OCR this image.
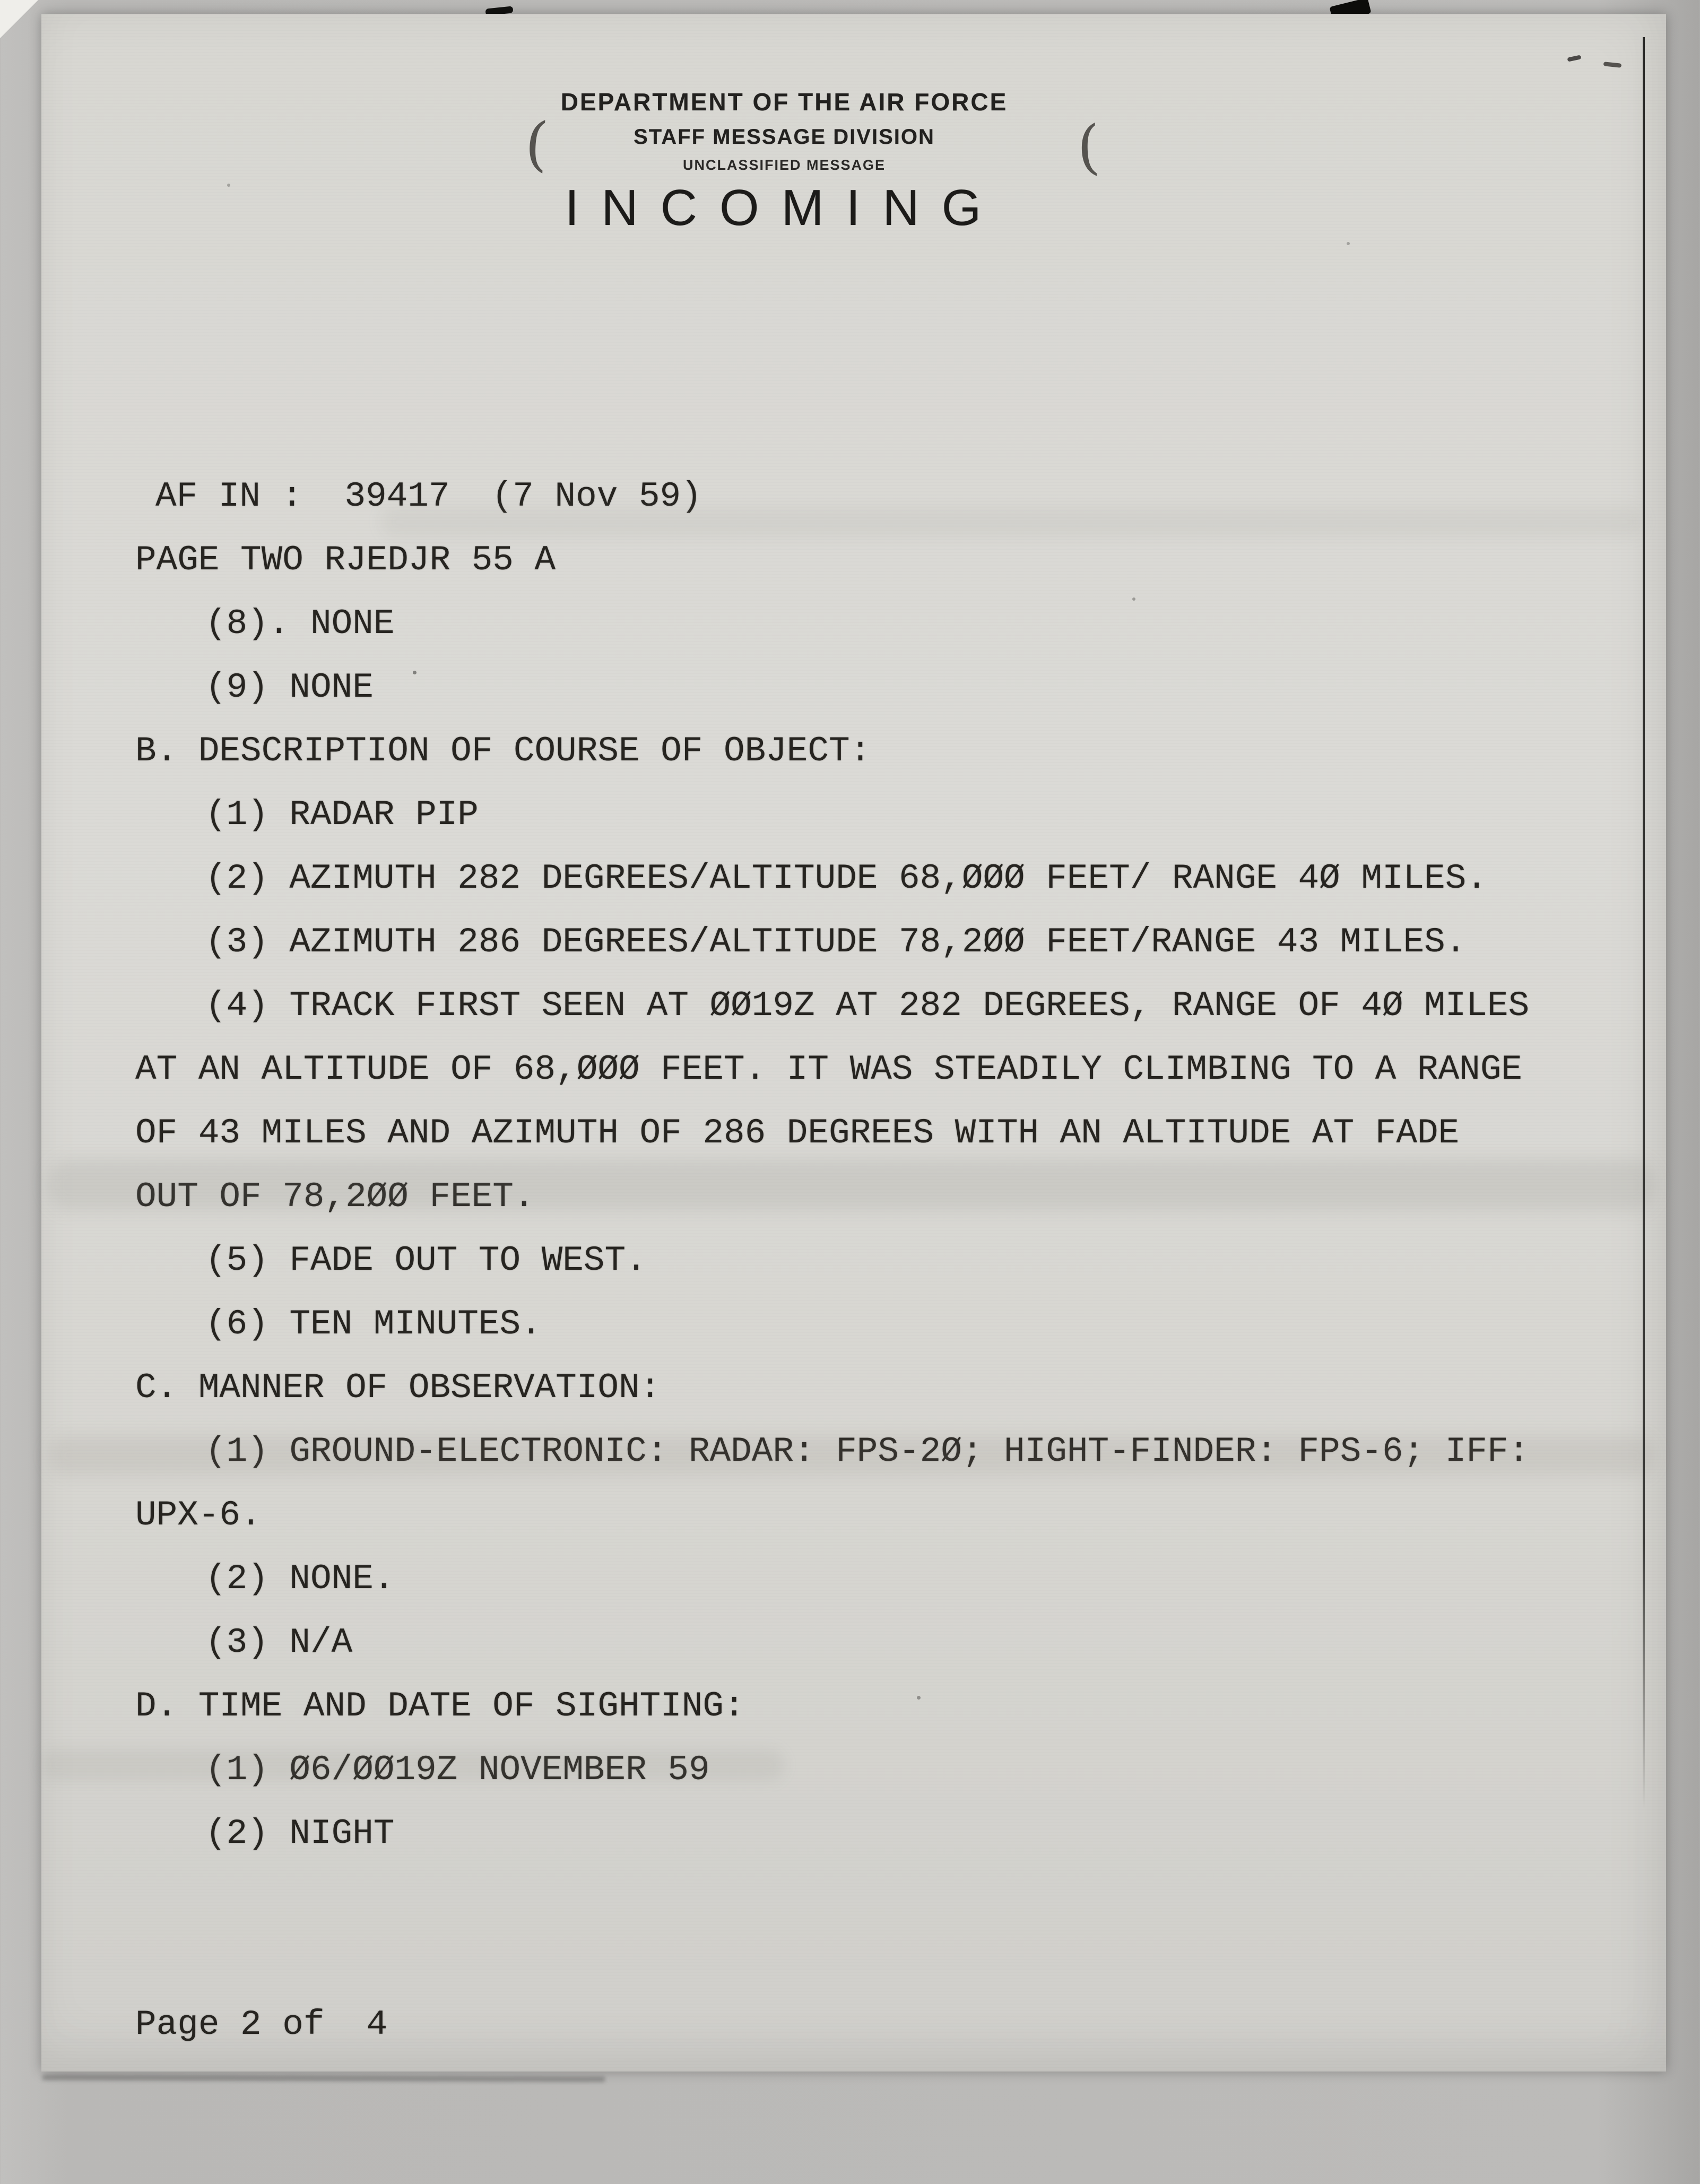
DEPARTMENT OF THE AIR FORCE
STAFF MESSAGE DIVISION
UNCLASSIFIED MESSAGE
INCOMING
(	(

AF IN :  39417  (7 Nov 59)
PAGE TWO RJEDJR 55 A
(8). NONE
(9) NONE
B. DESCRIPTION OF COURSE OF OBJECT:
(1) RADAR PIP
(2) AZIMUTH 282 DEGREES/ALTITUDE 68,ØØØ FEET/ RANGE 4Ø MILES.
(3) AZIMUTH 286 DEGREES/ALTITUDE 78,2ØØ FEET/RANGE 43 MILES.
(4) TRACK FIRST SEEN AT ØØ19Z AT 282 DEGREES, RANGE OF 4Ø MILES
AT AN ALTITUDE OF 68,ØØØ FEET. IT WAS STEADILY CLIMBING TO A RANGE
OF 43 MILES AND AZIMUTH OF 286 DEGREES WITH AN ALTITUDE AT FADE
OUT OF 78,2ØØ FEET.
(5) FADE OUT TO WEST.
(6) TEN MINUTES.
C. MANNER OF OBSERVATION:
(1) GROUND-ELECTRONIC: RADAR: FPS-2Ø; HIGHT-FINDER: FPS-6; IFF:
UPX-6.
(2) NONE.
(3) N/A
D. TIME AND DATE OF SIGHTING:
(1) Ø6/ØØ19Z NOVEMBER 59
(2) NIGHT

Page 2 of  4
